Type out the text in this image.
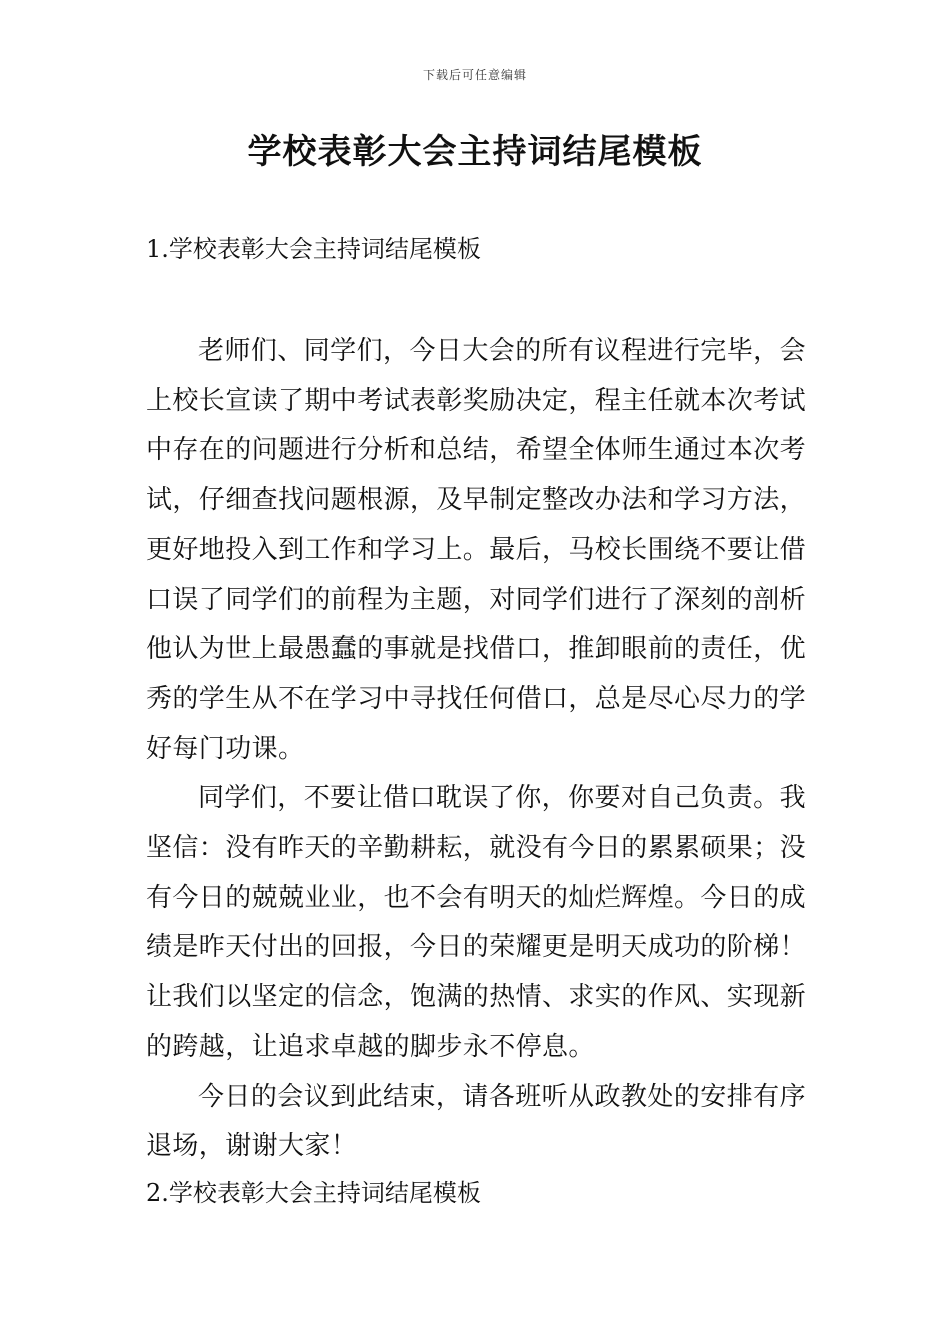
下载后可任意编辑
学校表彰大会主持词结尾模板
1.学校表彰大会主持词结尾模板

老师们、同学们，今日大会的所有议程进行完毕，会上校长宣读了期中考试表彰奖励决定，程主任就本次考试中存在的问题进行分析和总结，希望全体师生通过本次考试，仔细查找问题根源，及早制定整改办法和学习方法，更好地投入到工作和学习上。最后，马校长围绕不要让借口误了同学们的前程为主题，对同学们进行了深刻的剖析他认为世上最愚蠢的事就是找借口，推卸眼前的责任，优秀的学生从不在学习中寻找任何借口，总是尽心尽力的学好每门功课。

同学们，不要让借口耽误了你，你要对自己负责。我坚信：没有昨天的辛勤耕耘，就没有今日的累累硕果；没有今日的兢兢业业，也不会有明天的灿烂辉煌。今日的成绩是昨天付出的回报，今日的荣耀更是明天成功的阶梯！让我们以坚定的信念，饱满的热情、求实的作风、实现新的跨越，让追求卓越的脚步永不停息。

今日的会议到此结束，请各班听从政教处的安排有序退场，谢谢大家！

2.学校表彰大会主持词结尾模板
